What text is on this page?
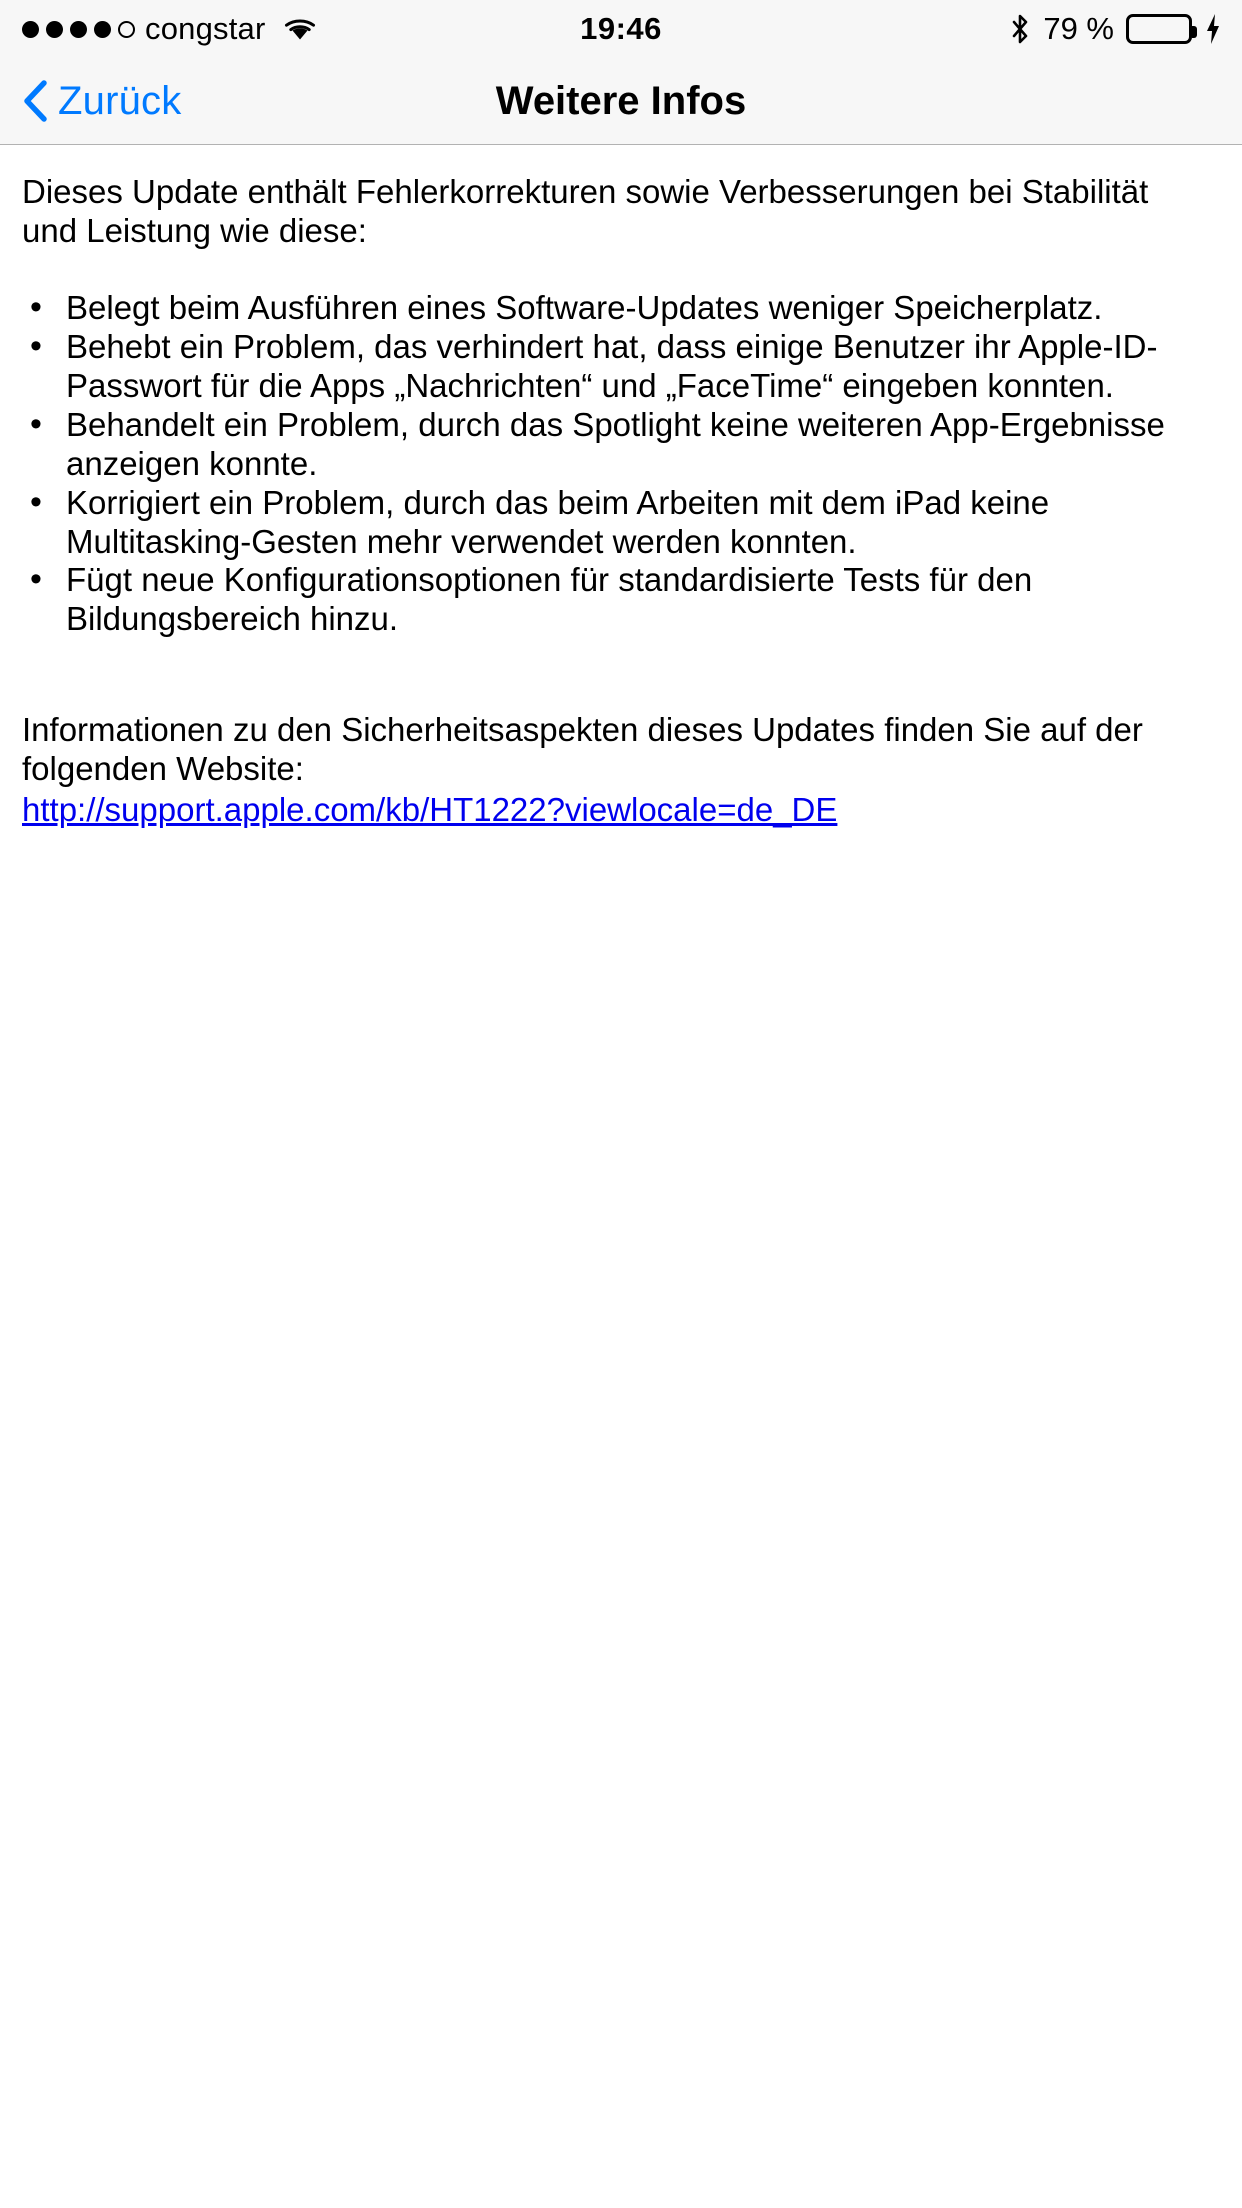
congstar	19:46	79 %
Zurück	Weitere Infos

Dieses Update enthält Fehlerkorrekturen sowie Verbesserungen bei Stabilität und Leistung wie diese:

• Belegt beim Ausführen eines Software-Updates weniger Speicherplatz.
• Behebt ein Problem, das verhindert hat, dass einige Benutzer ihr Apple-ID-Passwort für die Apps „Nachrichten“ und „FaceTime“ eingeben konnten.
• Behandelt ein Problem, durch das Spotlight keine weiteren App-Ergebnisse anzeigen konnte.
• Korrigiert ein Problem, durch das beim Arbeiten mit dem iPad keine Multitasking-Gesten mehr verwendet werden konnten.
• Fügt neue Konfigurationsoptionen für standardisierte Tests für den Bildungsbereich hinzu.

Informationen zu den Sicherheitsaspekten dieses Updates finden Sie auf der folgenden Website:

http://support.apple.com/kb/HT1222?viewlocale=de_DE
